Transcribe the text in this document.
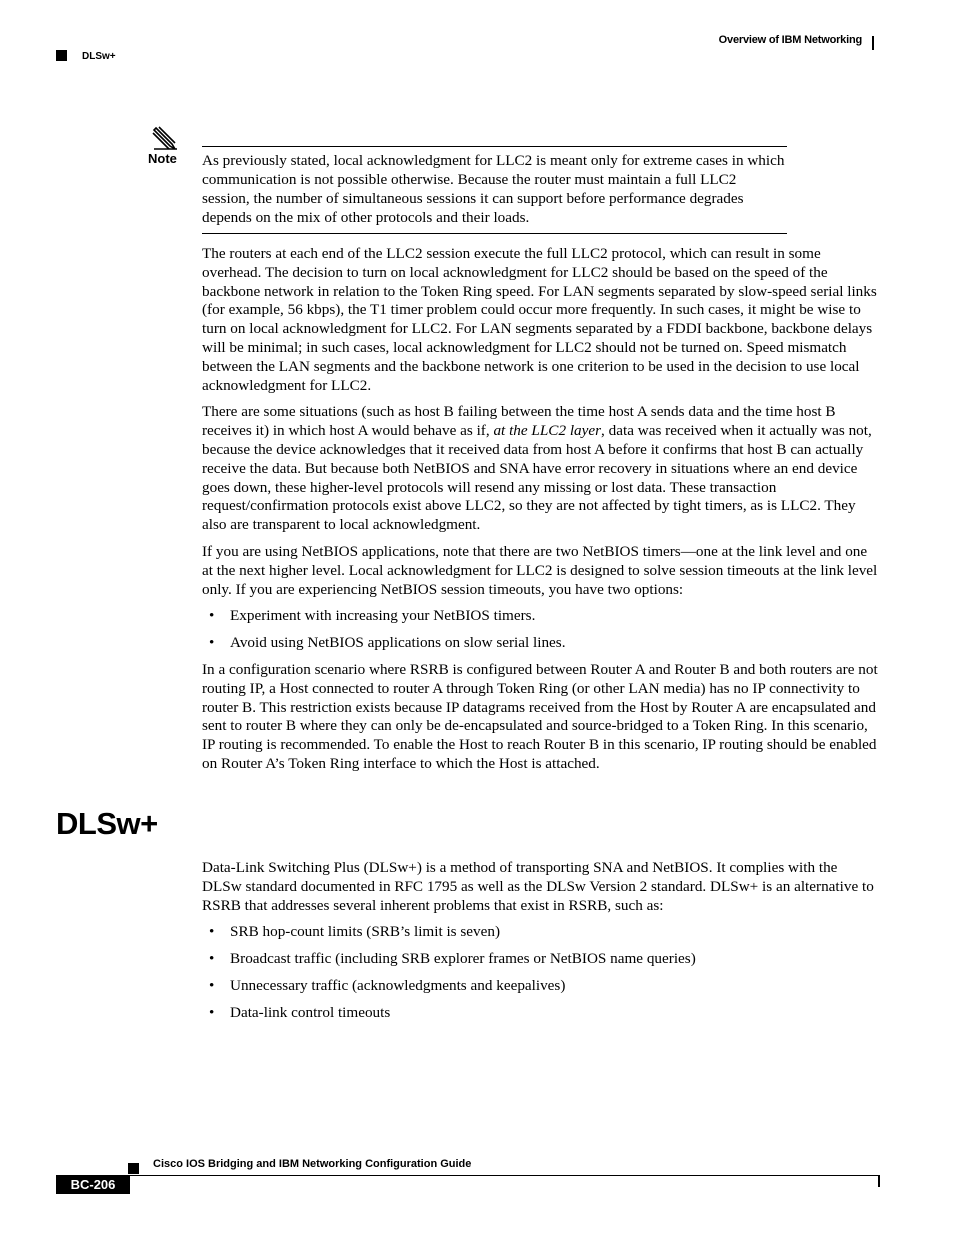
Overview of IBM Networking
DLSw+
Note As previously stated, local acknowledgment for LLC2 is meant only for extreme cases in which communication is not possible otherwise. Because the router must maintain a full LLC2 session, the number of simultaneous sessions it can support before performance degrades depends on the mix of other protocols and their loads.

The routers at each end of the LLC2 session execute the full LLC2 protocol, which can result in some overhead. The decision to turn on local acknowledgment for LLC2 should be based on the speed of the backbone network in relation to the Token Ring speed. For LAN segments separated by slow-speed serial links (for example, 56 kbps), the T1 timer problem could occur more frequently. In such cases, it might be wise to turn on local acknowledgment for LLC2. For LAN segments separated by a FDDI backbone, backbone delays will be minimal; in such cases, local acknowledgment for LLC2 should not be turned on. Speed mismatch between the LAN segments and the backbone network is one criterion to be used in the decision to use local acknowledgment for LLC2.

There are some situations (such as host B failing between the time host A sends data and the time host B receives it) in which host A would behave as if, at the LLC2 layer, data was received when it actually was not, because the device acknowledges that it received data from host A before it confirms that host B can actually receive the data. But because both NetBIOS and SNA have error recovery in situations where an end device goes down, these higher-level protocols will resend any missing or lost data. These transaction request/confirmation protocols exist above LLC2, so they are not affected by tight timers, as is LLC2. They also are transparent to local acknowledgment.

If you are using NetBIOS applications, note that there are two NetBIOS timers—one at the link level and one at the next higher level. Local acknowledgment for LLC2 is designed to solve session timeouts at the link level only. If you are experiencing NetBIOS session timeouts, you have two options:

• Experiment with increasing your NetBIOS timers.
• Avoid using NetBIOS applications on slow serial lines.

In a configuration scenario where RSRB is configured between Router A and Router B and both routers are not routing IP, a Host connected to router A through Token Ring (or other LAN media) has no IP connectivity to router B. This restriction exists because IP datagrams received from the Host by Router A are encapsulated and sent to router B where they can only be de-encapsulated and source-bridged to a Token Ring. In this scenario, IP routing is recommended. To enable the Host to reach Router B in this scenario, IP routing should be enabled on Router A’s Token Ring interface to which the Host is attached.

DLSw+

Data-Link Switching Plus (DLSw+) is a method of transporting SNA and NetBIOS. It complies with the DLSw standard documented in RFC 1795 as well as the DLSw Version 2 standard. DLSw+ is an alternative to RSRB that addresses several inherent problems that exist in RSRB, such as:

• SRB hop-count limits (SRB’s limit is seven)
• Broadcast traffic (including SRB explorer frames or NetBIOS name queries)
• Unnecessary traffic (acknowledgments and keepalives)
• Data-link control timeouts
Cisco IOS Bridging and IBM Networking Configuration Guide
BC-206
